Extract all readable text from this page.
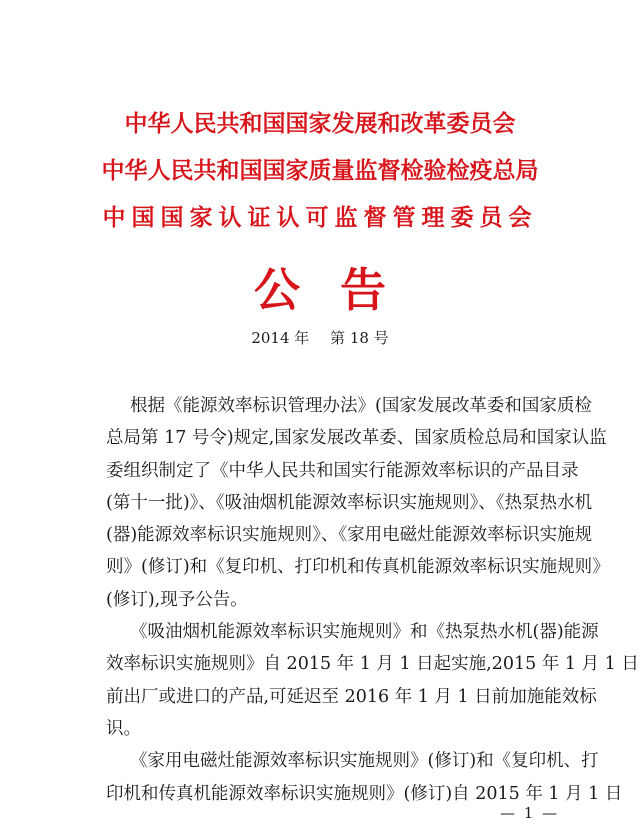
中华人民共和国国家发展和改革委员会
中华人民共和国国家质量监督检验检疫总局
中国国家认证认可监督管理委员会
公告
2014 年 第 18 号
根据《能源效率标识管理办法》(国家发展改革委和国家质检
总局第 17 号令)规定,国家发展改革委、国家质检总局和国家认监
委组织制定了《中华人民共和国实行能源效率标识的产品目录
(第十一批)》、《吸油烟机能源效率标识实施规则》、《热泵热水机
(器)能源效率标识实施规则》、《家用电磁灶能源效率标识实施规
则》(修订)和《复印机、打印机和传真机能源效率标识实施规则》
(修订),现予公告。
《吸油烟机能源效率标识实施规则》和《热泵热水机(器)能源
效率标识实施规则》自 2015 年 1 月 1 日起实施,2015 年 1 月 1 日
前出厂或进口的产品,可延迟至 2016 年 1 月 1 日前加施能效标
识。
《家用电磁灶能源效率标识实施规则》(修订)和《复印机、打
印机和传真机能源效率标识实施规则》(修订)自 2015 年 1 月 1 日
— 1 —
